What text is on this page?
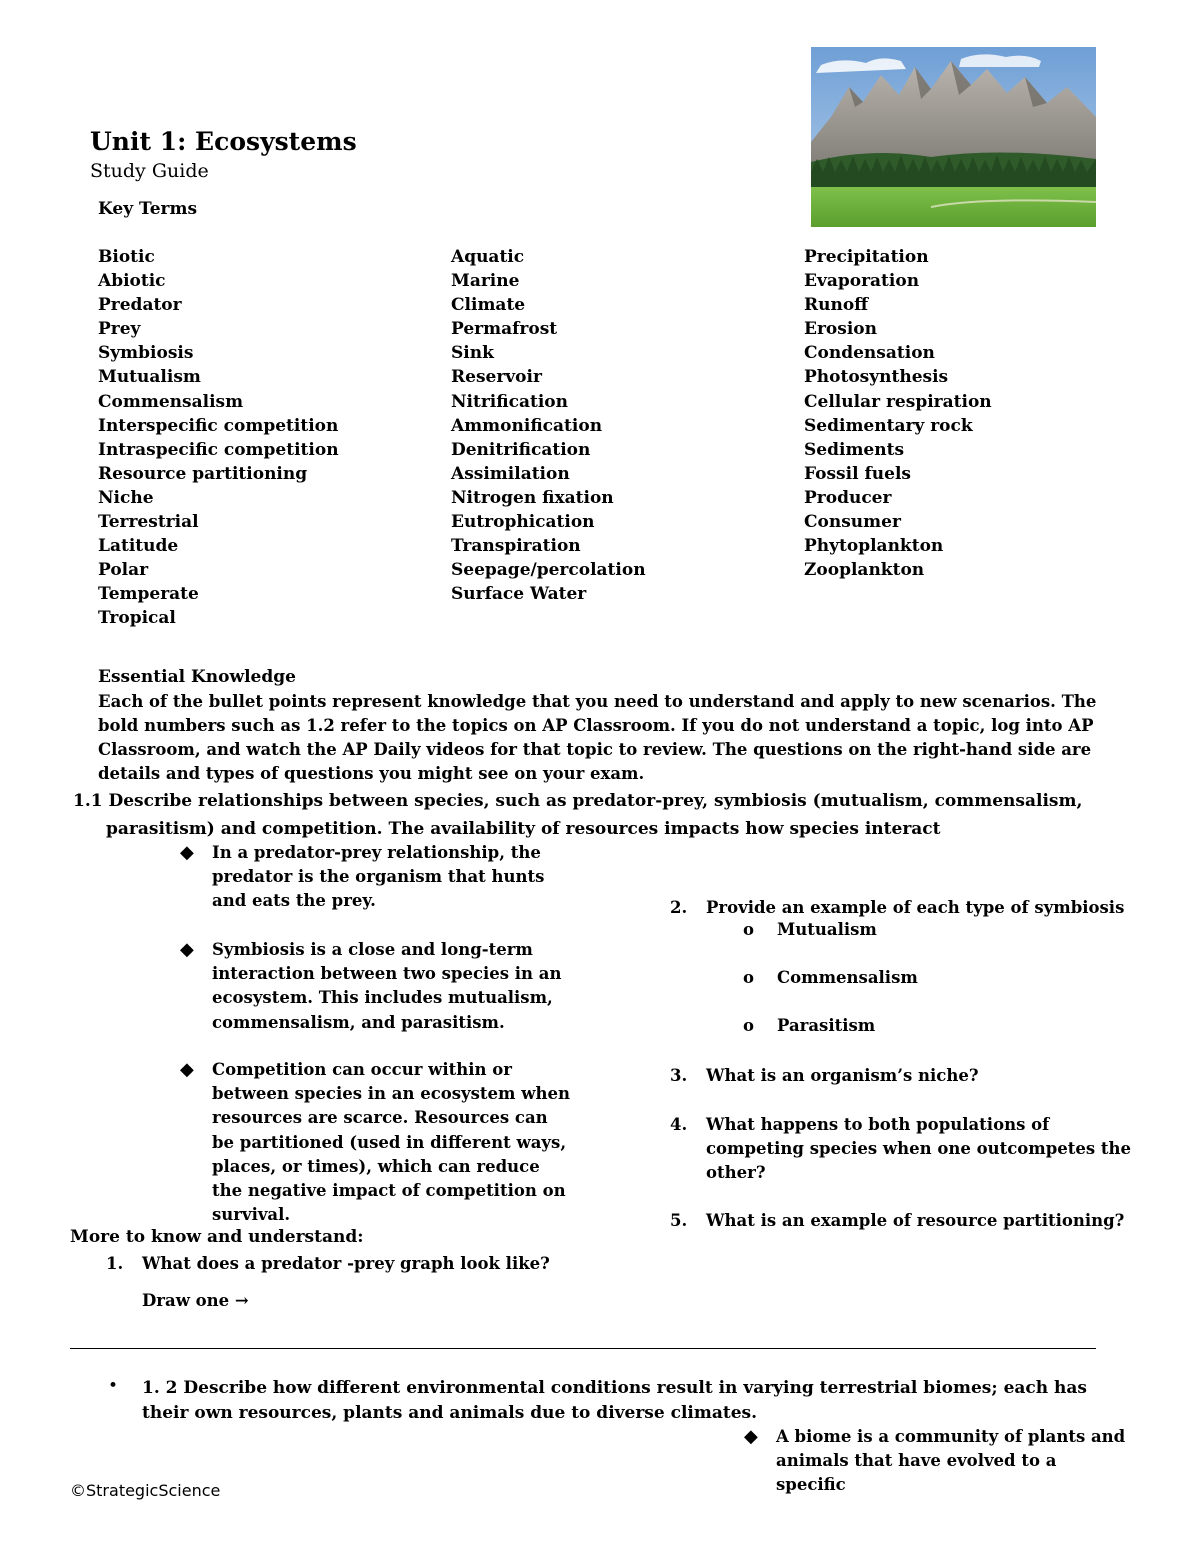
Unit 1: Ecosystems
Study Guide
Key Terms
Biotic
Abiotic
Predator
Prey
Symbiosis
Mutualism
Commensalism
Interspecific competition
Intraspecific competition
Resource partitioning
Niche
Terrestrial
Latitude
Polar
Temperate
Tropical
Aquatic
Marine
Climate
Permafrost
Sink
Reservoir
Nitrification
Ammonification
Denitrification
Assimilation
Nitrogen fixation
Eutrophication
Transpiration
Seepage/percolation
Surface Water
Precipitation
Evaporation
Runoff
Erosion
Condensation
Photosynthesis
Cellular respiration
Sedimentary rock
Sediments
Fossil fuels
Producer
Consumer
Phytoplankton
Zooplankton
Essential Knowledge
Each of the bullet points represent knowledge that you need to understand and apply to new scenarios. The bold numbers such as 1.2 refer to the topics on AP Classroom. If you do not understand a topic, log into AP Classroom, and watch the AP Daily videos for that topic to review. The questions on the right-hand side are details and types of questions you might see on your exam.
1.1 Describe relationships between species, such as predator-prey, symbiosis (mutualism, commensalism,
parasitism) and competition. The availability of resources impacts how species interact
◆ In a predator-prey relationship, the predator is the organism that hunts and eats the prey.
◆ Symbiosis is a close and long-term interaction between two species in an ecosystem. This includes mutualism, commensalism, and parasitism.
◆ Competition can occur within or between species in an ecosystem when resources are scarce. Resources can be partitioned (used in different ways, places, or times), which can reduce the negative impact of competition on survival.
2. Provide an example of each type of symbiosis
o Mutualism
o Commensalism
o Parasitism
3. What is an organism’s niche?
4. What happens to both populations of competing species when one outcompetes the other?
5. What is an example of resource partitioning?
More to know and understand:
1. What does a predator -prey graph look like?
Draw one →
• 1. 2 Describe how different environmental conditions result in varying terrestrial biomes; each has their own resources, plants and animals due to diverse climates.
◆ A biome is a community of plants and animals that have evolved to a specific
©StrategicScience
